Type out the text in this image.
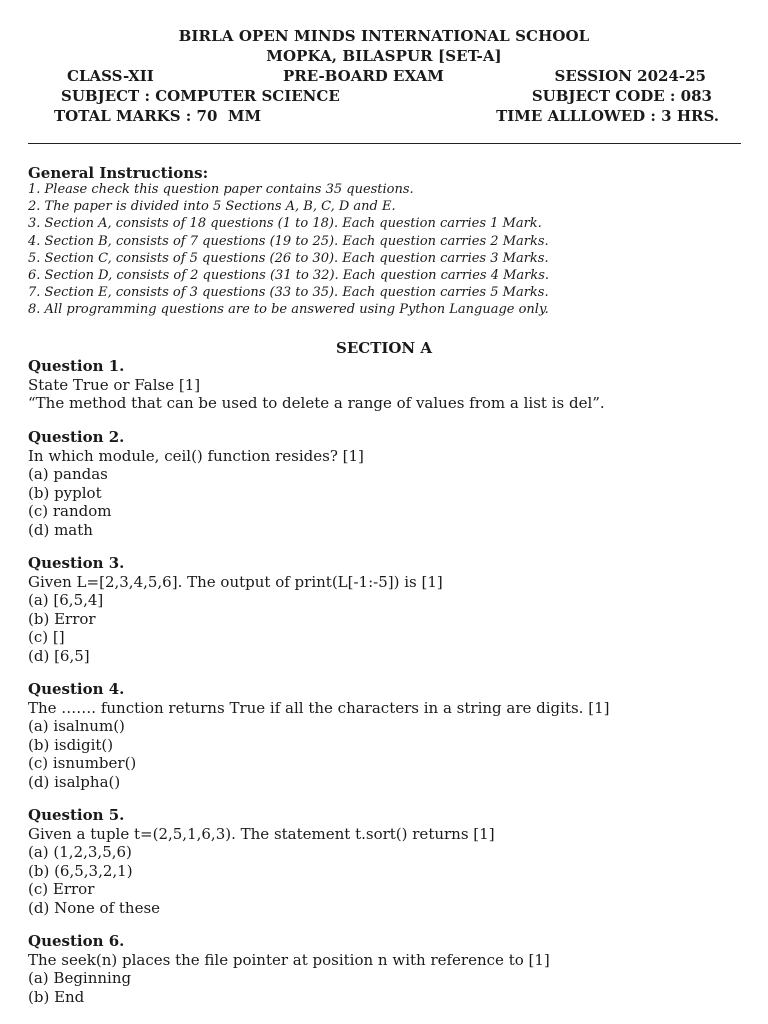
BIRLA OPEN MINDS INTERNATIONAL SCHOOL
MOPKA, BILASPUR [SET-A]
CLASS-XII	PRE-BOARD EXAM	SESSION 2024-25
SUBJECT : COMPUTER SCIENCE	SUBJECT CODE : 083
TOTAL MARKS : 70  MM	TIME ALLLOWED : 3 HRS.
General Instructions:
1. Please check this question paper contains 35 questions.
2. The paper is divided into 5 Sections A, B, C, D and E.
3. Section A, consists of 18 questions (1 to 18). Each question carries 1 Mark.
4. Section B, consists of 7 questions (19 to 25). Each question carries 2 Marks.
5. Section C, consists of 5 questions (26 to 30). Each question carries 3 Marks.
6. Section D, consists of 2 questions (31 to 32). Each question carries 4 Marks.
7. Section E, consists of 3 questions (33 to 35). Each question carries 5 Marks.
8. All programming questions are to be answered using Python Language only.
SECTION A
Question 1.
State True or False [1]
“The method that can be used to delete a range of values from a list is del”.
Question 2.
In which module, ceil() function resides? [1]
(a) pandas
(b) pyplot
(c) random
(d) math
Question 3.
Given L=[2,3,4,5,6]. The output of print(L[-1:-5]) is [1]
(a) [6,5,4]
(b) Error
(c) []
(d) [6,5]
Question 4.
The ……. function returns True if all the characters in a string are digits. [1]
(a) isalnum()
(b) isdigit()
(c) isnumber()
(d) isalpha()
Question 5.
Given a tuple t=(2,5,1,6,3). The statement t.sort() returns [1]
(a) (1,2,3,5,6)
(b) (6,5,3,2,1)
(c) Error
(d) None of these
Question 6.
The seek(n) places the file pointer at position n with reference to [1]
(a) Beginning
(b) End
